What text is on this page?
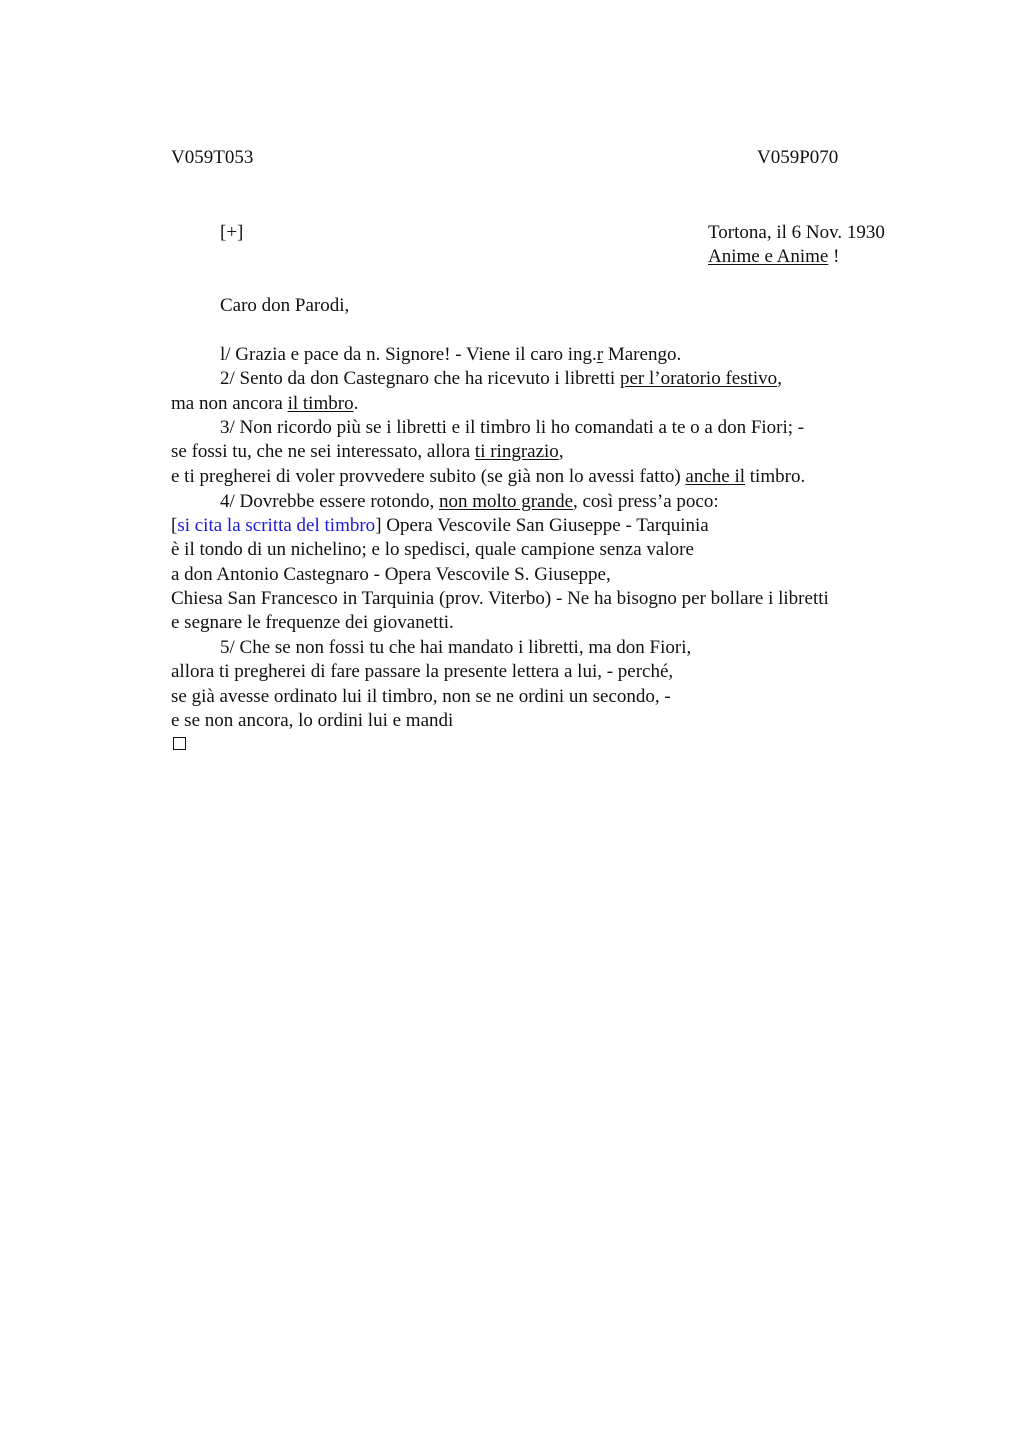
V059T053	V059P070
[+]	Tortona, il 6 Nov. 1930
Anime e Anime !
Caro don Parodi,
l/ Grazia e pace da n. Signore! - Viene il caro ing.r Marengo.
2/ Sento da don Castegnaro che ha ricevuto i libretti per l’oratorio festivo,
ma non ancora il timbro.
3/ Non ricordo più se i libretti e il timbro li ho comandati a te o a don Fiori; -
se fossi tu, che ne sei interessato, allora ti ringrazio,
e ti pregherei di voler provvedere subito (se già non lo avessi fatto) anche il timbro.
4/ Dovrebbe essere rotondo, non molto grande, così press’a poco:
[si cita la scritta del timbro] Opera Vescovile San Giuseppe - Tarquinia
è il tondo di un nichelino; e lo spedisci, quale campione senza valore
a don Antonio Castegnaro - Opera Vescovile S. Giuseppe,
Chiesa San Francesco in Tarquinia (prov. Viterbo) - Ne ha bisogno per bollare i libretti
e segnare le frequenze dei giovanetti.
5/ Che se non fossi tu che hai mandato i libretti, ma don Fiori,
allora ti pregherei di fare passare la presente lettera a lui, - perché,
se già avesse ordinato lui il timbro, non se ne ordini un secondo, -
e se non ancora, lo ordini lui e mandi
